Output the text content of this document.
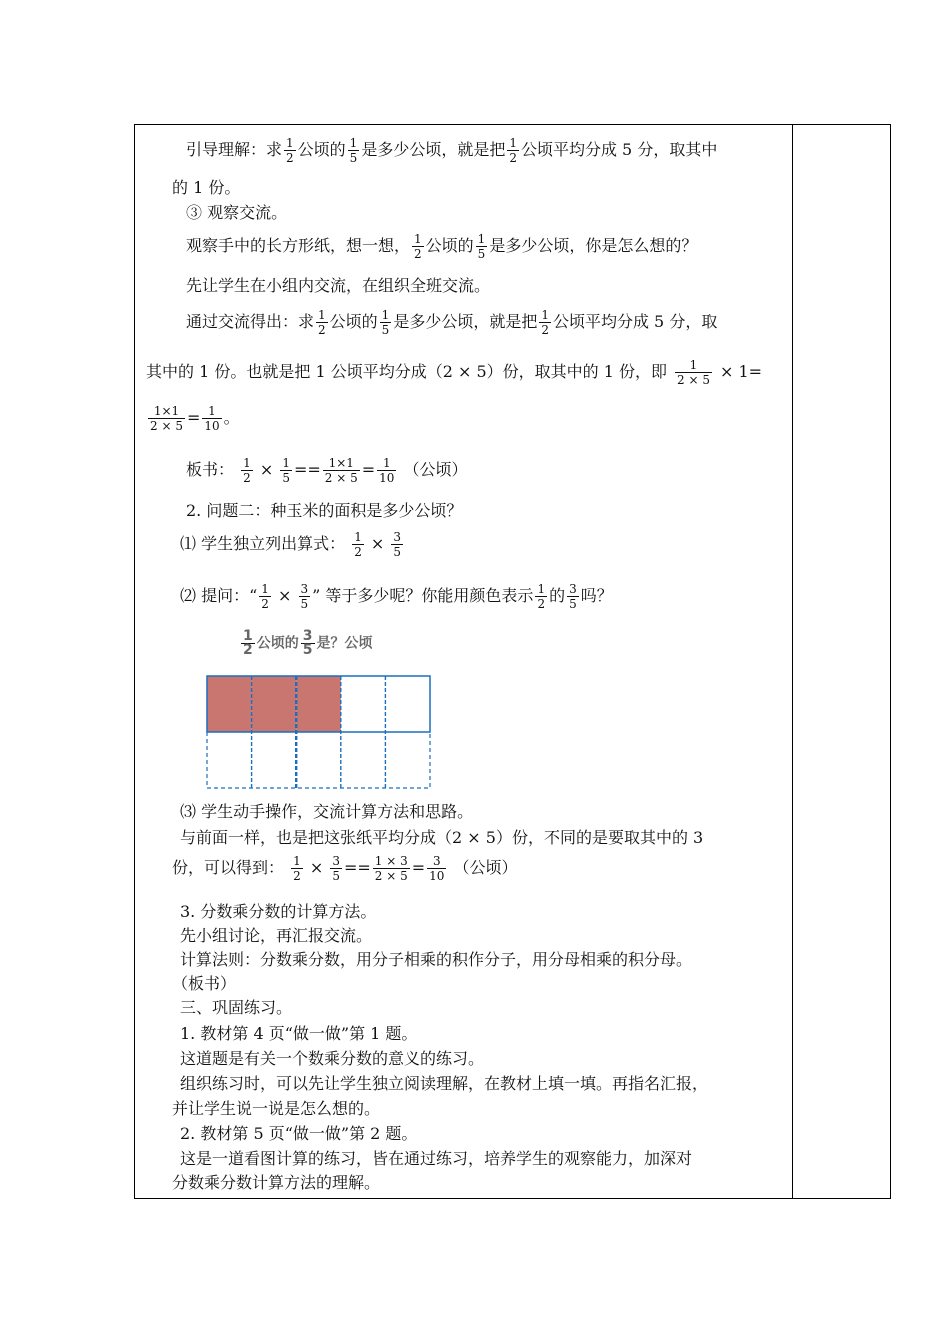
引导理解：求 $\frac{1}{2}$ 公顷的 $\frac{1}{5}$ 是多少公顷，就是把 $\frac{1}{2}$ 公顷平均分成 5 分，取其中
的 1 份。
③ 观察交流。
观察手中的长方形纸，想一想， $\frac{1}{2}$ 公顷的 $\frac{1}{5}$ 是多少公顷，你是怎么想的？
先让学生在小组内交流，在组织全班交流。
通过交流得出：求 $\frac{1}{2}$ 公顷的 $\frac{1}{5}$ 是多少公顷，就是把 $\frac{1}{2}$ 公顷平均分成 5 分，取
其中的 1 份。也就是把 1 公顷平均分成（2 × 5）份，取其中的 1 份，即 $\frac{1}{2 \times 5} \times 1=$
$\frac{1\times 1}{2 \times 5} = \frac{1}{10}$ 。
板书： $\frac{1}{2} \times \frac{1}{5} == \frac{1\times 1}{2 \times 5} = \frac{1}{10}$ （公顷）
2. 问题二：种玉米的面积是多少公顷？
⑴ 学生独立列出算式： $\frac{1}{2} \times \frac{3}{5}$
⑵ 提问：“ $\frac{1}{2} \times \frac{3}{5}$ ” 等于多少呢？你能用颜色表示 $\frac{1}{2}$ 的 $\frac{3}{5}$ 吗？
$\frac{1}{2}$ 公顷的 $\frac{3}{5}$ 是？公顷
⑶ 学生动手操作，交流计算方法和思路。
与前面一样，也是把这张纸平均分成（2 × 5）份，不同的是要取其中的 3
份，可以得到： $\frac{1}{2} \times \frac{3}{5} == \frac{1 \times 3}{2 \times 5} = \frac{3}{10}$ （公顷）
3. 分数乘分数的计算方法。
先小组讨论，再汇报交流。
计算法则：分数乘分数，用分子相乘的积作分子，用分母相乘的积分母。
（板书）
三、巩固练习。
1. 教材第 4 页“做一做”第 1 题。
这道题是有关一个数乘分数的意义的练习。
组织练习时，可以先让学生独立阅读理解，在教材上填一填。再指名汇报，
并让学生说一说是怎么想的。
2. 教材第 5 页“做一做”第 2 题。
这是一道看图计算的练习，皆在通过练习，培养学生的观察能力，加深对
分数乘分数计算方法的理解。
